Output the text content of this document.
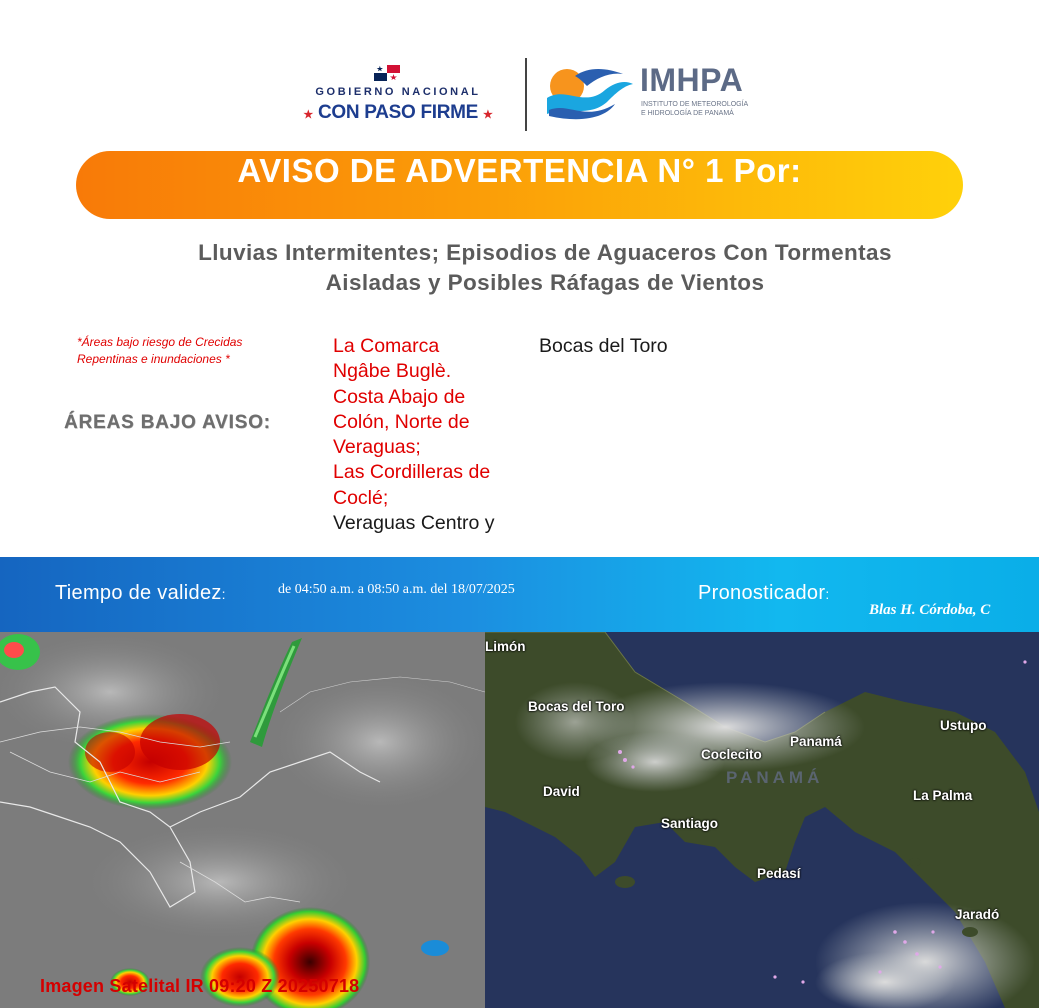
GOBIERNO NACIONAL
★ CON PASO FIRME ★
IMHPA
INSTITUTO DE METEOROLOGÍA
E HIDROLOGÍA DE PANAMÁ
AVISO DE ADVERTENCIA N° 1 Por:
Lluvias Intermitentes; Episodios de Aguaceros Con Tormentas
Aisladas y Posibles Ráfagas de Vientos
*Áreas bajo riesgo de Crecidas
Repentinas e inundaciones *
ÁREAS BAJO AVISO:
La Comarca
Ngâbe Buglè.
Costa Abajo de
Colón, Norte de
Veraguas;
Las Cordilleras de
Coclé;
Veraguas Centro y
Bocas del Toro
Tiempo de validez:	de 04:50 a.m. a 08:50 a.m. del 18/07/2025	Pronosticador:
Blas H. Córdoba, C
Imagen Satelital IR 09:20 Z 20250718
PANAMÁ
Limón
Bocas del Toro
Coclecito
Panamá
Ustupo
David
Santiago
La Palma
Pedasí
Jaradó
